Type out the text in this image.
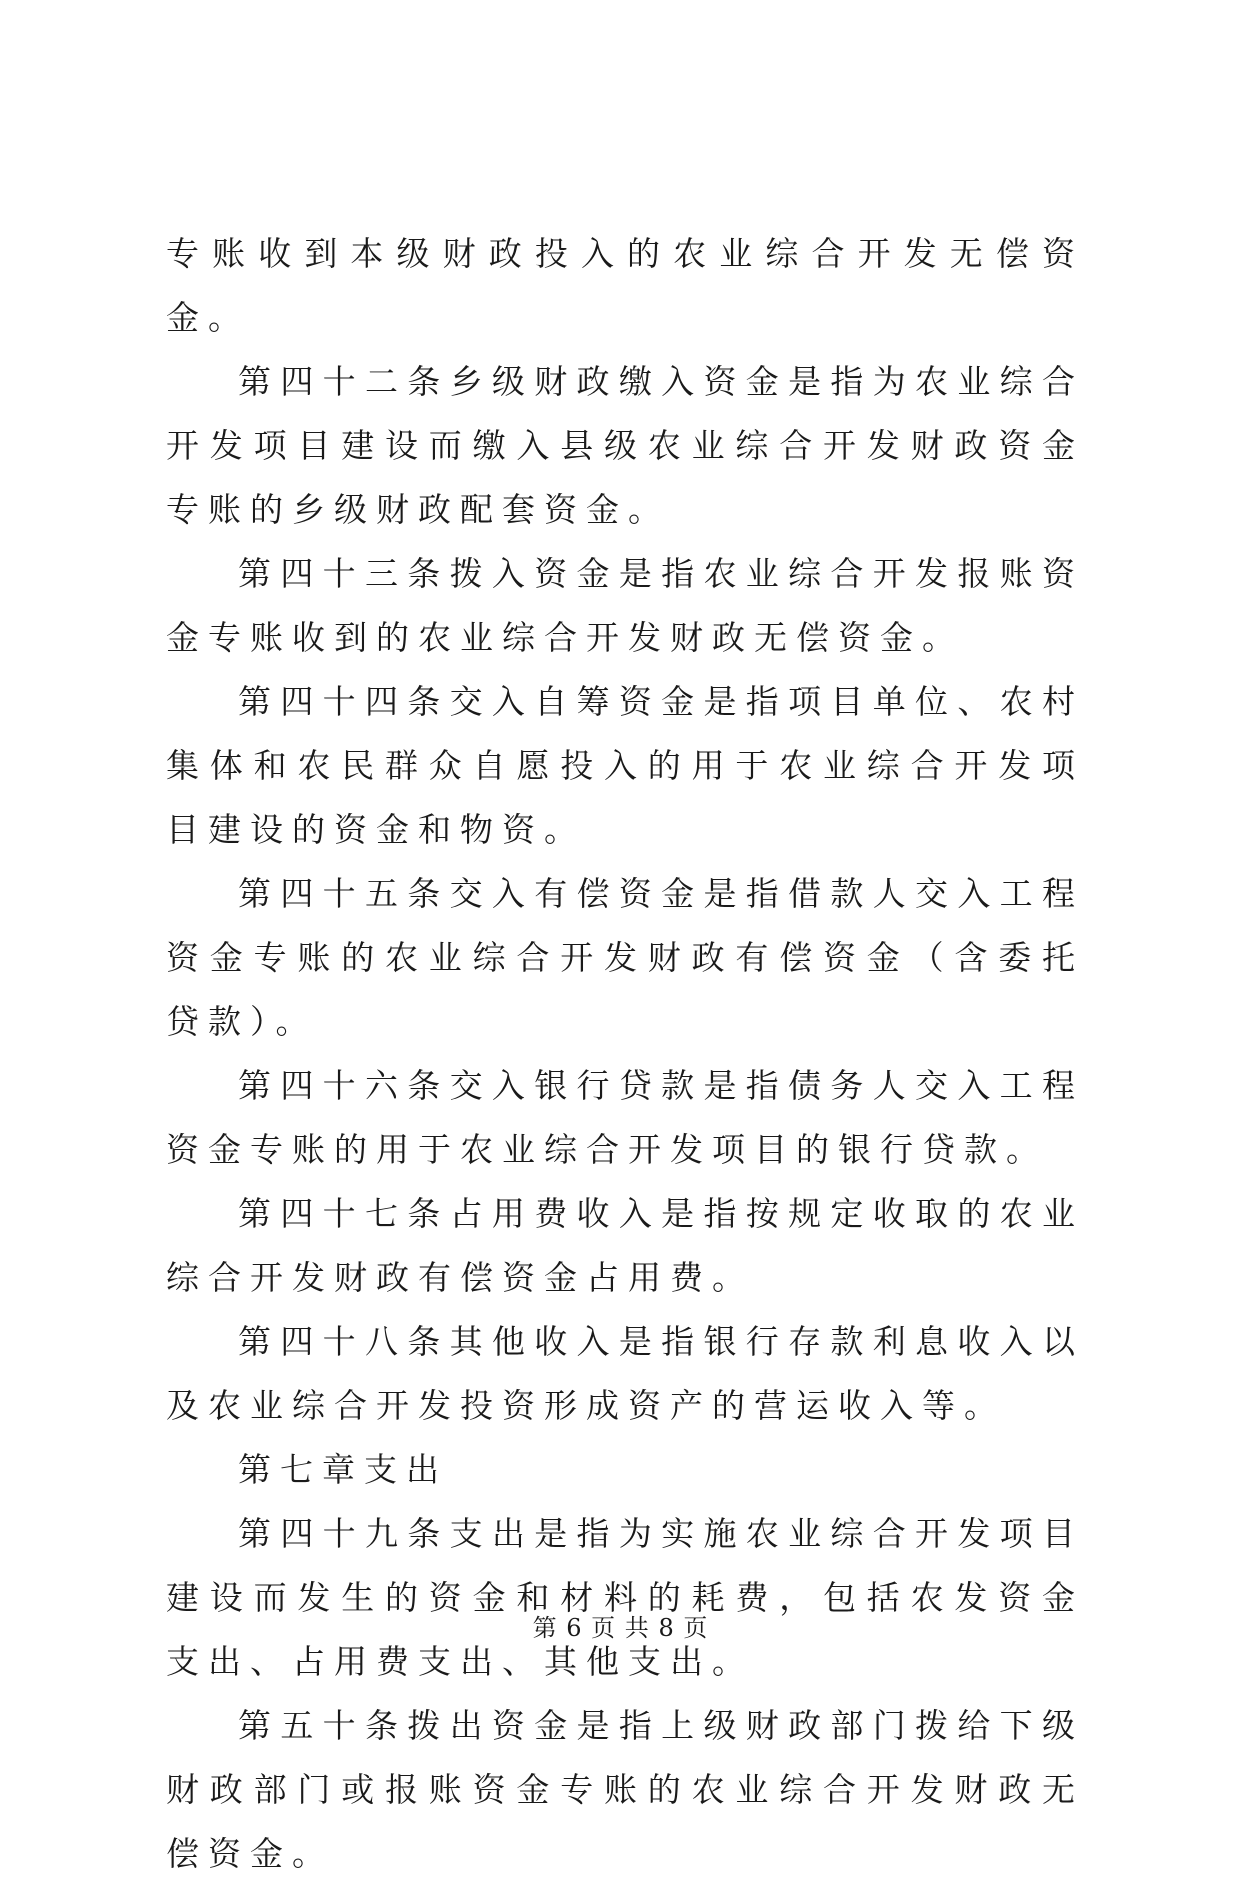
专账收到本级财政投入的农业综合开发无偿资金。

第四十二条乡级财政缴入资金是指为农业综合开发项目建设而缴入县级农业综合开发财政资金专账的乡级财政配套资金。

第四十三条拨入资金是指农业综合开发报账资金专账收到的农业综合开发财政无偿资金。

第四十四条交入自筹资金是指项目单位、农村集体和农民群众自愿投入的用于农业综合开发项目建设的资金和物资。

第四十五条交入有偿资金是指借款人交入工程资金专账的农业综合开发财政有偿资金（含委托贷款）。

第四十六条交入银行贷款是指债务人交入工程资金专账的用于农业综合开发项目的银行贷款。

第四十七条占用费收入是指按规定收取的农业综合开发财政有偿资金占用费。

第四十八条其他收入是指银行存款利息收入以及农业综合开发投资形成资产的营运收入等。

第七章支出

第四十九条支出是指为实施农业综合开发项目建设而发生的资金和材料的耗费，包括农发资金支出、占用费支出、其他支出。

第五十条拨出资金是指上级财政部门拨给下级财政部门或报账资金专账的农业综合开发财政无偿资金。

第 6 页 共 8 页
